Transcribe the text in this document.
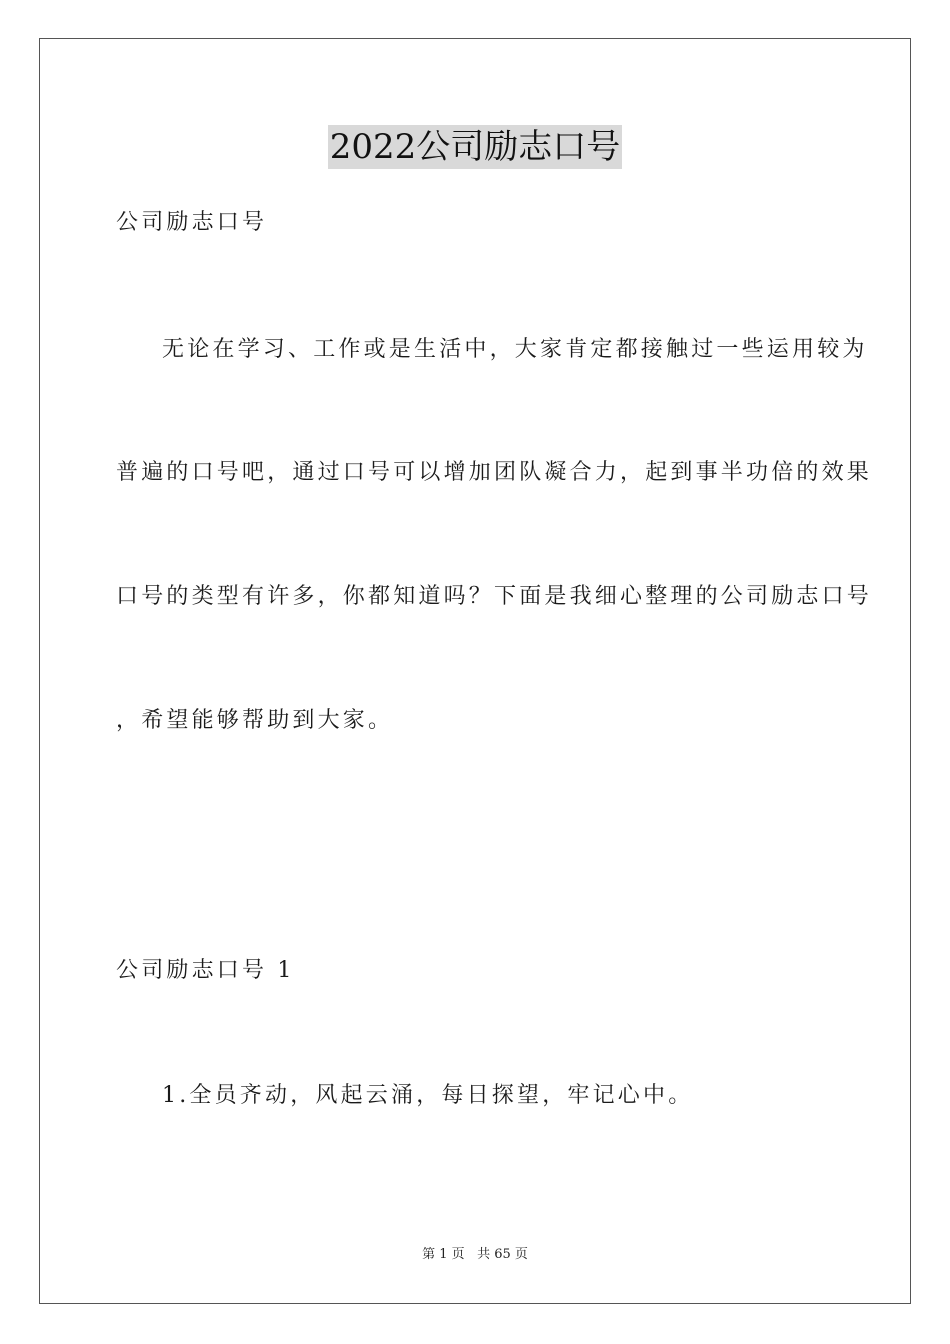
2022公司励志口号
公司励志口号
无论在学习、工作或是生活中，大家肯定都接触过一些运用较为
普遍的口号吧，通过口号可以增加团队凝合力，起到事半功倍的效果
口号的类型有许多，你都知道吗？下面是我细心整理的公司励志口号
，希望能够帮助到大家。
公司励志口号 1
1.全员齐动，风起云涌，每日探望，牢记心中。
第 1 页 共 65 页
